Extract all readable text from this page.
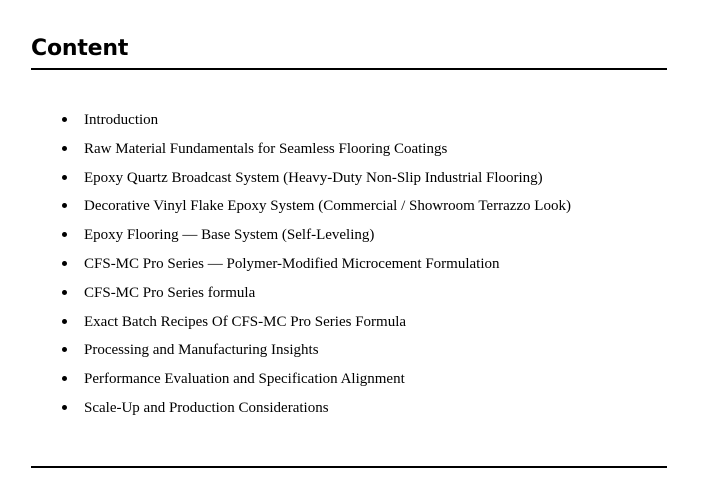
Content
Introduction
Raw Material Fundamentals for Seamless Flooring Coatings
Epoxy Quartz Broadcast System (Heavy-Duty Non-Slip Industrial Flooring)
Decorative Vinyl Flake Epoxy System (Commercial / Showroom Terrazzo Look)
Epoxy Flooring — Base System (Self-Leveling)
CFS-MC Pro Series — Polymer-Modified Microcement Formulation
CFS-MC Pro Series formula
Exact Batch Recipes Of CFS-MC Pro Series Formula
Processing and Manufacturing Insights
Performance Evaluation and Specification Alignment
Scale-Up and Production Considerations
